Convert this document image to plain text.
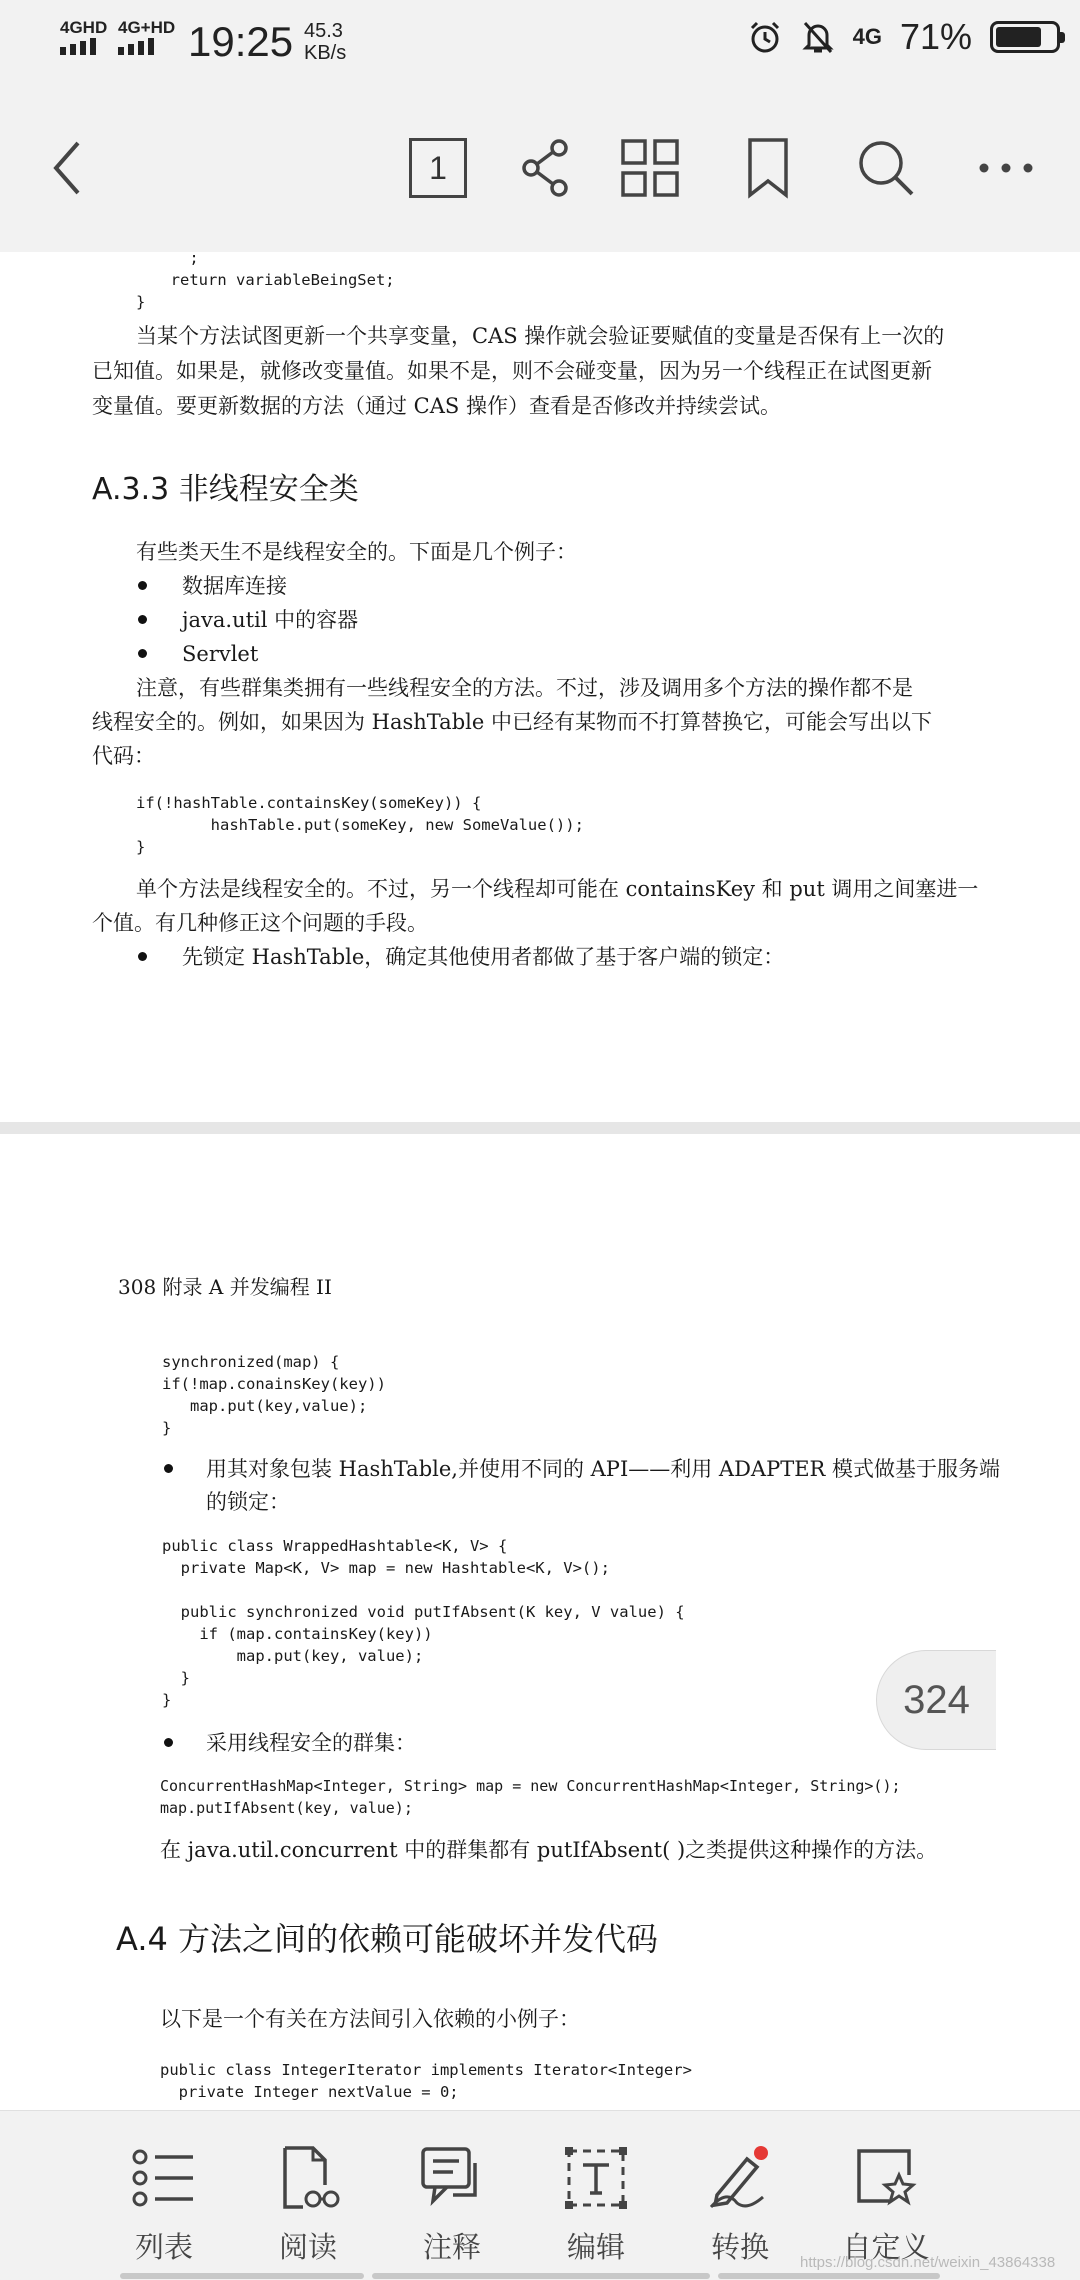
4GHD 4G+HD 19:25 45.3
KB/s
4G 71%
1
;
return variableBeingSet;
}
当某个方法试图更新一个共享变量，CAS 操作就会验证要赋值的变量是否保有上一次的
已知值。如果是，就修改变量值。如果不是，则不会碰变量，因为另一个线程正在试图更新
变量值。要更新数据的方法（通过 CAS 操作）查看是否修改并持续尝试。
A.3.3 非线程安全类
有些类天生不是线程安全的。下面是几个例子：
数据库连接
java.util 中的容器
Servlet
注意，有些群集类拥有一些线程安全的方法。不过，涉及调用多个方法的操作都不是
线程安全的。例如，如果因为 HashTable 中已经有某物而不打算替换它，可能会写出以下
代码：
if(!hashTable.containsKey(someKey)) {
hashTable.put(someKey, new SomeValue());
}
单个方法是线程安全的。不过，另一个线程却可能在 containsKey 和 put 调用之间塞进一
个值。有几种修正这个问题的手段。
先锁定 HashTable，确定其他使用者都做了基于客户端的锁定：
308 附录 A 并发编程 II
synchronized(map) {
if(!map.conainsKey(key))
map.put(key,value);
}
用其对象包装 HashTable,并使用不同的 API——利用 ADAPTER 模式做基于服务端
的锁定：
public class WrappedHashtable<K, V> {
private Map<K, V> map = new Hashtable<K, V>();
public synchronized void putIfAbsent(K key, V value) {
if (map.containsKey(key))
map.put(key, value);
}
}
采用线程安全的群集：
ConcurrentHashMap<Integer, String> map = new ConcurrentHashMap<Integer, String>();
map.putIfAbsent(key, value);
在 java.util.concurrent 中的群集都有 putIfAbsent( )之类提供这种操作的方法。
A.4 方法之间的依赖可能破坏并发代码
以下是一个有关在方法间引入依赖的小例子：
public class IntegerIterator implements Iterator<Integer>
private Integer nextValue = 0;
324
列表	阅读	注释	编辑	转换	自定义
https://blog.csdn.net/weixin_43864338
